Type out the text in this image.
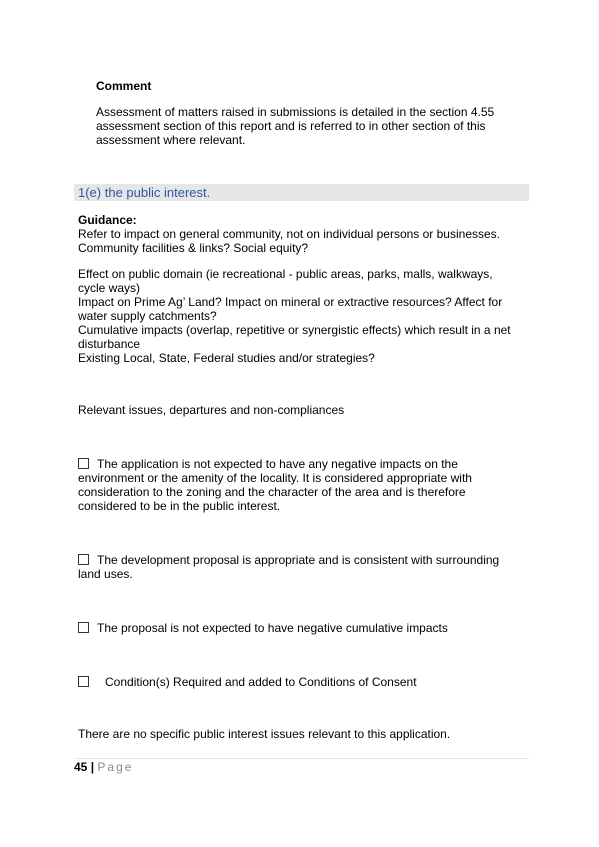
Comment
Assessment of matters raised in submissions is detailed in the section 4.55
assessment section of this report and is referred to in other section of this
assessment where relevant.
1(e) the public interest.
Guidance:
Refer to impact on general community, not on individual persons or businesses.
Community facilities & links? Social equity?
Effect on public domain (ie recreational - public areas, parks, malls, walkways,
cycle ways)
Impact on Prime Ag’ Land? Impact on mineral or extractive resources? Affect for
water supply catchments?
Cumulative impacts (overlap, repetitive or synergistic effects) which result in a net
disturbance
Existing Local, State, Federal studies and/or strategies?
Relevant issues, departures and non-compliances
The application is not expected to have any negative impacts on the
environment or the amenity of the locality. It is considered appropriate with
consideration to the zoning and the character of the area and is therefore
considered to be in the public interest.
The development proposal is appropriate and is consistent with surrounding
land uses.
The proposal is not expected to have negative cumulative impacts
Condition(s) Required and added to Conditions of Consent
There are no specific public interest issues relevant to this application.
45 | Page
